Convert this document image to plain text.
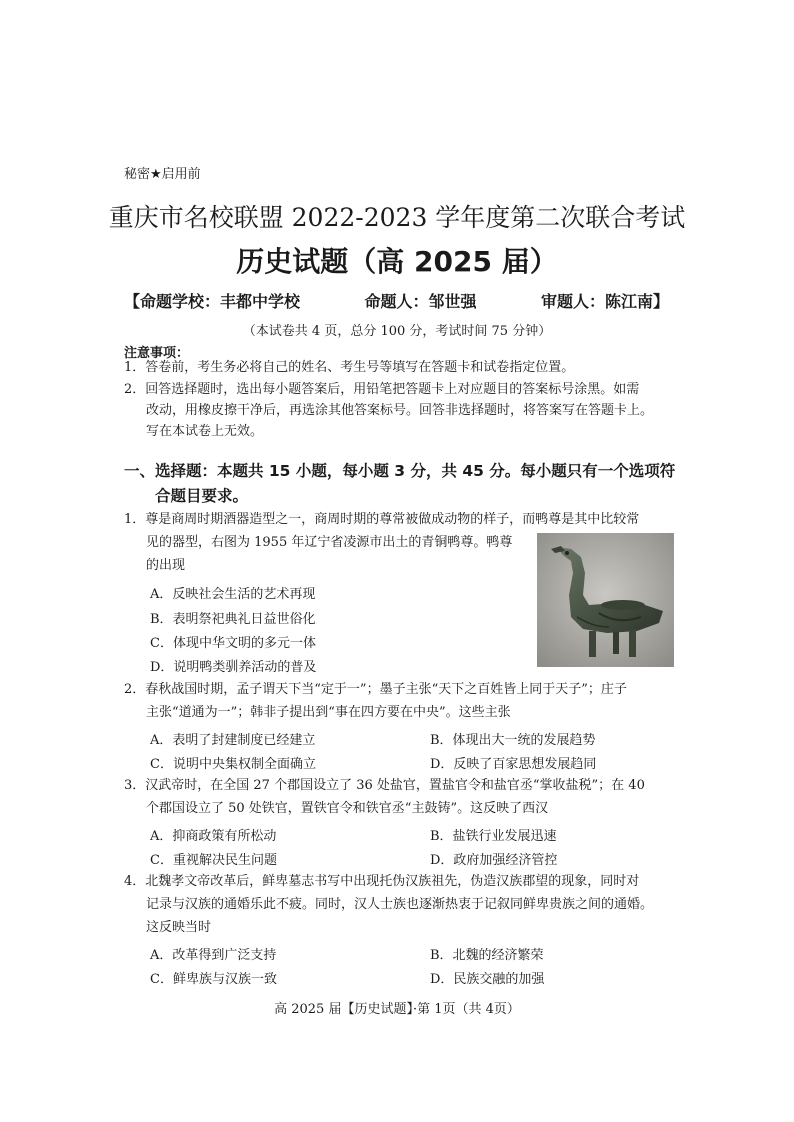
秘密★启用前
重庆市名校联盟 2022-2023 学年度第二次联合考试
历史试题（高 2025 届）
【命题学校：丰都中学校	命题人：邹世强	审题人：陈江南】
（本试卷共 4 页，总分 100 分，考试时间 75 分钟）
注意事项：
1．答卷前，考生务必将自己的姓名、考生号等填写在答题卡和试卷指定位置。
2．回答选择题时，选出每小题答案后，用铅笔把答题卡上对应题目的答案标号涂黑。如需
改动，用橡皮擦干净后，再选涂其他答案标号。回答非选择题时，将答案写在答题卡上。
写在本试卷上无效。
一、选择题：本题共 15 小题，每小题 3 分，共 45 分。每小题只有一个选项符
合题目要求。
1．尊是商周时期酒器造型之一，商周时期的尊常被做成动物的样子，而鸭尊是其中比较常
见的器型，右图为 1955 年辽宁省凌源市出土的青铜鸭尊。鸭尊
的出现
A．反映社会生活的艺术再现
B．表明祭祀典礼日益世俗化
C．体现中华文明的多元一体
D．说明鸭类驯养活动的普及
2．春秋战国时期，孟子谓天下当“定于一”；墨子主张“天下之百姓皆上同于天子”；庄子
主张“道通为一”；韩非子提出到“事在四方要在中央”。这些主张
A．表明了封建制度已经建立	B．体现出大一统的发展趋势
C．说明中央集权制全面确立	D．反映了百家思想发展趋同
3．汉武帝时，在全国 27 个郡国设立了 36 处盐官，置盐官令和盐官丞“掌收盐税”；在 40
个郡国设立了 50 处铁官，置铁官令和铁官丞“主鼓铸”。这反映了西汉
A．抑商政策有所松动	B．盐铁行业发展迅速
C．重视解决民生问题	D．政府加强经济管控
4．北魏孝文帝改革后，鲜卑墓志书写中出现托伪汉族祖先，伪造汉族郡望的现象，同时对
记录与汉族的通婚乐此不疲。同时，汉人士族也逐渐热衷于记叙同鲜卑贵族之间的通婚。
这反映当时
A．改革得到广泛支持	B．北魏的经济繁荣
C．鲜卑族与汉族一致	D．民族交融的加强
高 2025 届【历史试题】·第 1页（共 4页）
